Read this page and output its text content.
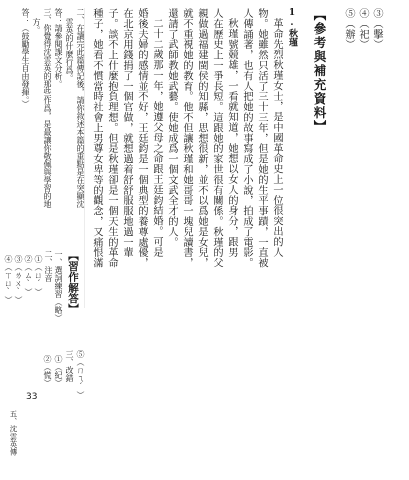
③（擊）
④（祀）
⑤（辦）
【參考與補充資料】
1.秋瑾
革命先烈秋瑾女士，是中國革命史上一位很突出的人
物。她雖然只活了三十三年，但是她的生平事蹟，一直被
人傳誦著，也有人把她的故事寫成了小說，拍成了電影。
秋瑾號競雄，一看就知道，她想以女人的身分，跟男
人在歷史上一爭長短。這跟她的家世很有關係。秋瑾的父
親做過福建閩侯的知縣，思想很新，並不以爲她是女兒，
就不重視她的教育。他不但讓秋瑾和她哥哥一塊兒讀書，
還請了武師教她武藝。使她成爲一個文武全才的人。
二十二歲那一年，她遵父母之命跟王廷鈞結婚。可是
婚後夫婦的感情並不好，王廷鈞是一個典型的養尊處優，
在北京用錢捐了一個官做，就想過着舒舒服服地過一輩
子。談不上什麼抱負理想。但是秋瑾卻是一個天生的革命
種子，她看不慣當時社會上男尊女卑等的觀念，又痛恨滿
二、在讀完此篇傳記後，請你敘述本篇的重點是在突顯沈
雲英的什麼行爲。
答：請參閱課文分析。
三、你覺得沈雲英的那些作爲，是最讓你敬佩與學習的地
方。
答：（鼓勵學生自由發揮。）
【習作解答】
一、選詞練習（略）
二、注音
①（ㄩˊ）
②（ㄙˋ）
③（ㄌㄨˋ）
④（ㄒㄩˋ）
⑤（ㄇㄟˊ）
三、改錯
①（紀）
②（慌）
五、沈雲英傳
33
